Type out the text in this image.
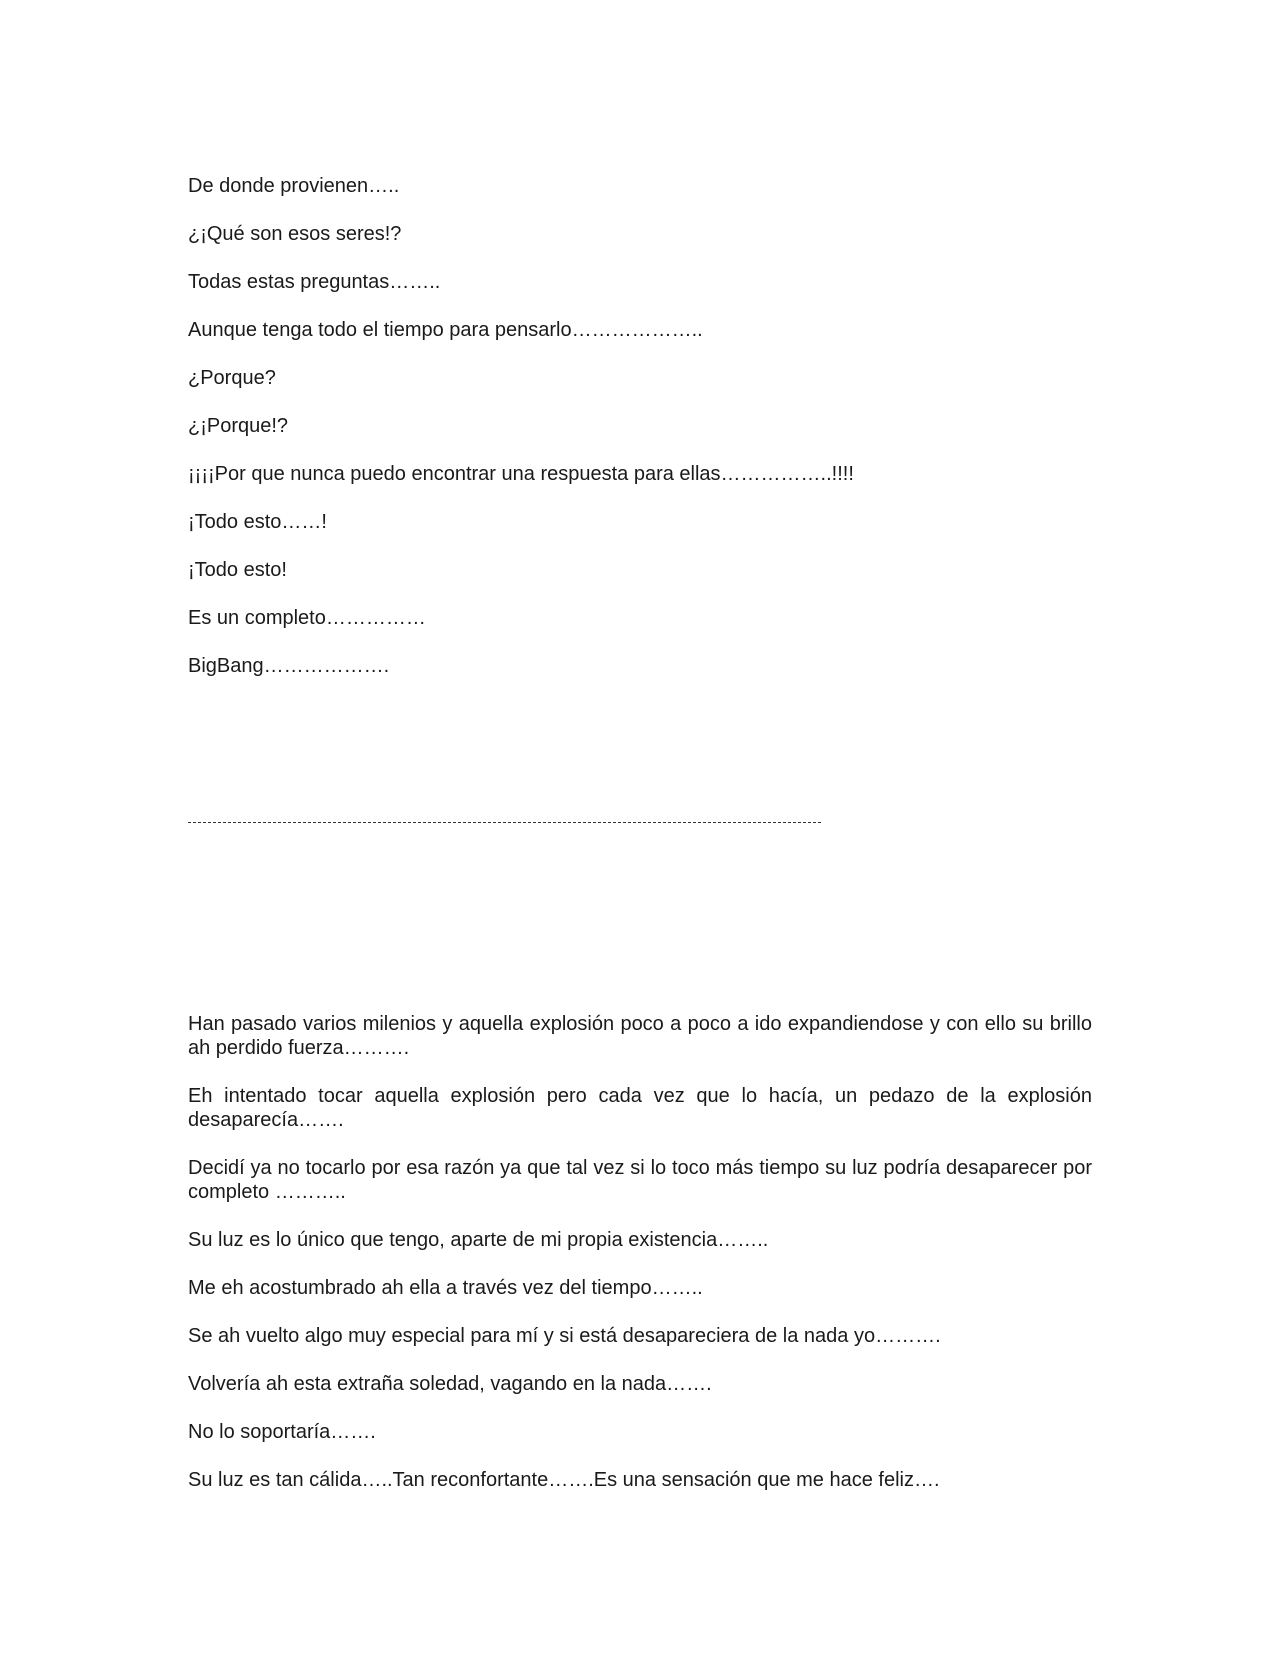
De donde provienen…..

¿¡Qué son esos seres!?

Todas estas preguntas……..

Aunque tenga todo el tiempo para pensarlo………………..

¿Porque?

¿¡Porque!?

¡¡¡¡Por que nunca puedo encontrar una respuesta para ellas……………..!!!!

¡Todo esto……!

¡Todo esto!

Es un completo……………

BigBang……………….

Han pasado varios milenios y aquella explosión poco a poco a ido expandiendose y con ello su brillo ah perdido fuerza……….

Eh intentado tocar aquella explosión pero cada vez que lo hacía, un pedazo de la explosión desaparecía…….

Decidí ya no tocarlo por esa razón ya que tal vez si lo toco más tiempo su luz podría desaparecer por completo ………..

Su luz es lo único que tengo, aparte de mi propia existencia……..

Me eh acostumbrado ah ella a través vez del tiempo……..

Se ah vuelto algo muy especial para mí y si está desapareciera de la nada yo……….

Volvería ah esta extraña soledad, vagando en la nada…….

No lo soportaría…….

Su luz es tan cálida…..Tan reconfortante…….Es una sensación que me hace feliz….
